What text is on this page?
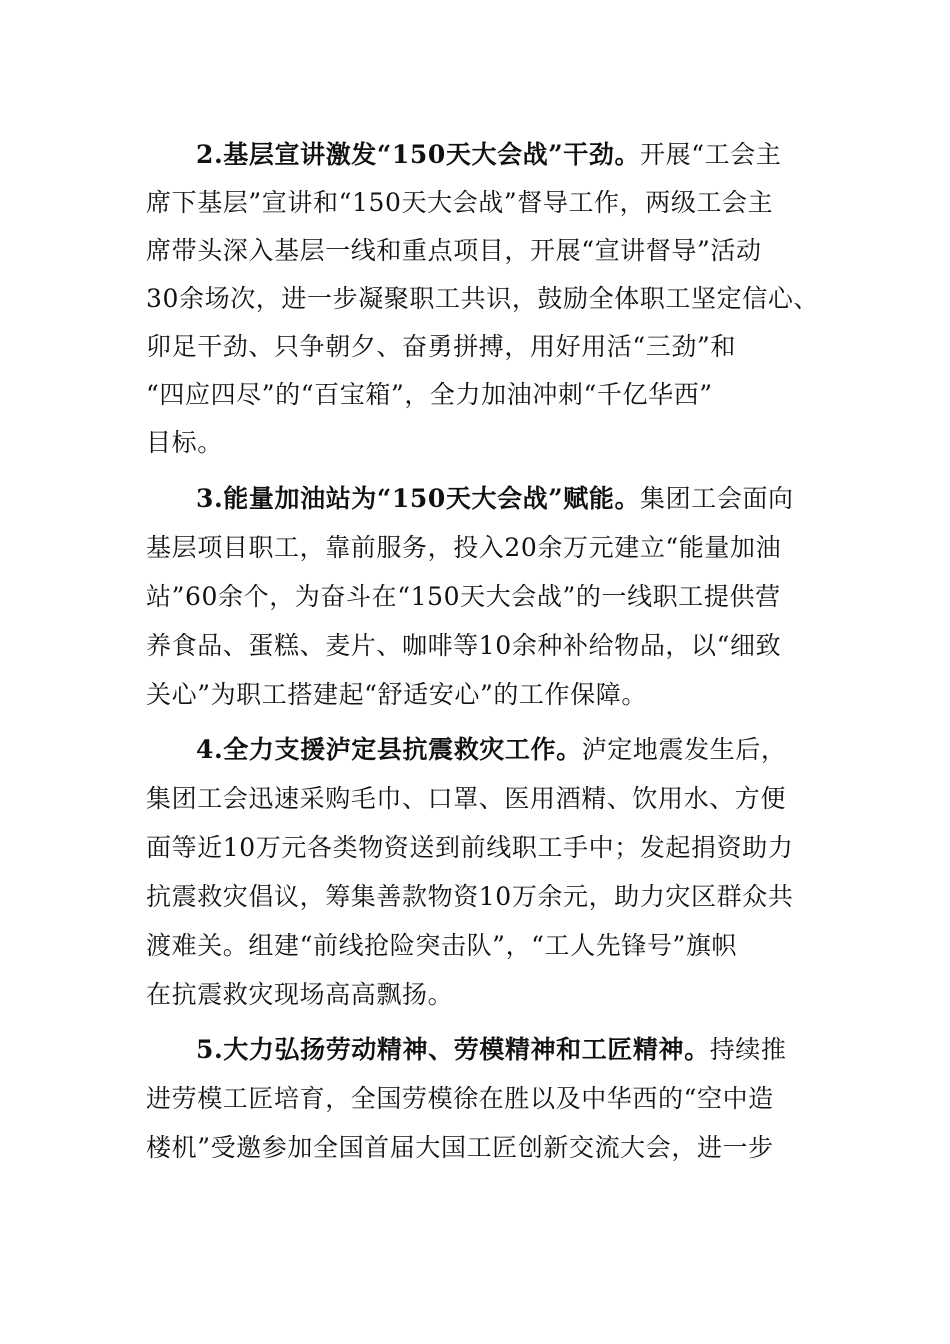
2.基层宣讲激发“150天大会战”干劲。开展“工会主
席下基层”宣讲和“150天大会战”督导工作，两级工会主
席带头深入基层一线和重点项目，开展“宣讲督导”活动
30余场次，进一步凝聚职工共识，鼓励全体职工坚定信心、
卯足干劲、只争朝夕、奋勇拼搏，用好用活“三劲”和
“四应四尽”的“百宝箱”，全力加油冲刺“千亿华西”
目标。
3.能量加油站为“150天大会战”赋能。集团工会面向
基层项目职工，靠前服务，投入20余万元建立“能量加油
站”60余个，为奋斗在“150天大会战”的一线职工提供营
养食品、蛋糕、麦片、咖啡等10余种补给物品，以“细致
关心”为职工搭建起“舒适安心”的工作保障。
4.全力支援泸定县抗震救灾工作。泸定地震发生后，
集团工会迅速采购毛巾、口罩、医用酒精、饮用水、方便
面等近10万元各类物资送到前线职工手中；发起捐资助力
抗震救灾倡议，筹集善款物资10万余元，助力灾区群众共
渡难关。组建“前线抢险突击队”，“工人先锋号”旗帜
在抗震救灾现场高高飘扬。
5.大力弘扬劳动精神、劳模精神和工匠精神。持续推
进劳模工匠培育，全国劳模徐在胜以及中华西的“空中造
楼机”受邀参加全国首届大国工匠创新交流大会，进一步
